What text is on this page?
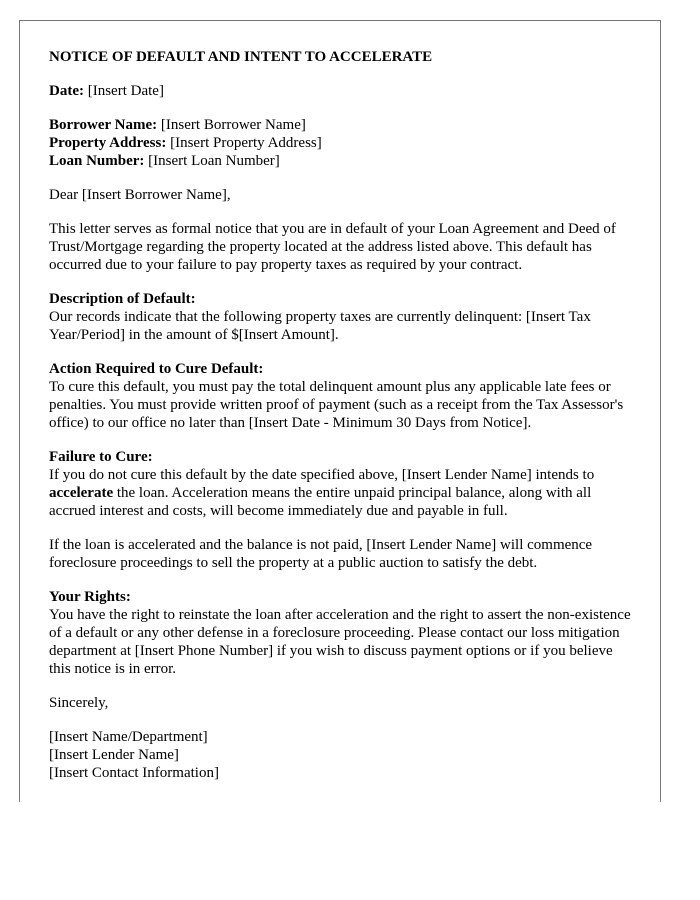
NOTICE OF DEFAULT AND INTENT TO ACCELERATE
Date: [Insert Date]
Borrower Name: [Insert Borrower Name]
Property Address: [Insert Property Address]
Loan Number: [Insert Loan Number]

Dear [Insert Borrower Name],

This letter serves as formal notice that you are in default of your Loan Agreement and Deed of Trust/Mortgage regarding the property located at the address listed above. This default has occurred due to your failure to pay property taxes as required by your contract.

Description of Default:
Our records indicate that the following property taxes are currently delinquent: [Insert Tax Year/Period] in the amount of $[Insert Amount].
Action Required to Cure Default:
To cure this default, you must pay the total delinquent amount plus any applicable late fees or penalties. You must provide written proof of payment (such as a receipt from the Tax Assessor's office) to our office no later than [Insert Date - Minimum 30 Days from Notice].
Failure to Cure:
If you do not cure this default by the date specified above, [Insert Lender Name] intends to accelerate the loan. Acceleration means the entire unpaid principal balance, along with all accrued interest and costs, will become immediately due and payable in full.

If the loan is accelerated and the balance is not paid, [Insert Lender Name] will commence foreclosure proceedings to sell the property at a public auction to satisfy the debt.

Your Rights:
You have the right to reinstate the loan after acceleration and the right to assert the non-existence of a default or any other defense in a foreclosure proceeding. Please contact our loss mitigation department at [Insert Phone Number] if you wish to discuss payment options or if you believe this notice is in error.

Sincerely,

[Insert Name/Department]
[Insert Lender Name]
[Insert Contact Information]
